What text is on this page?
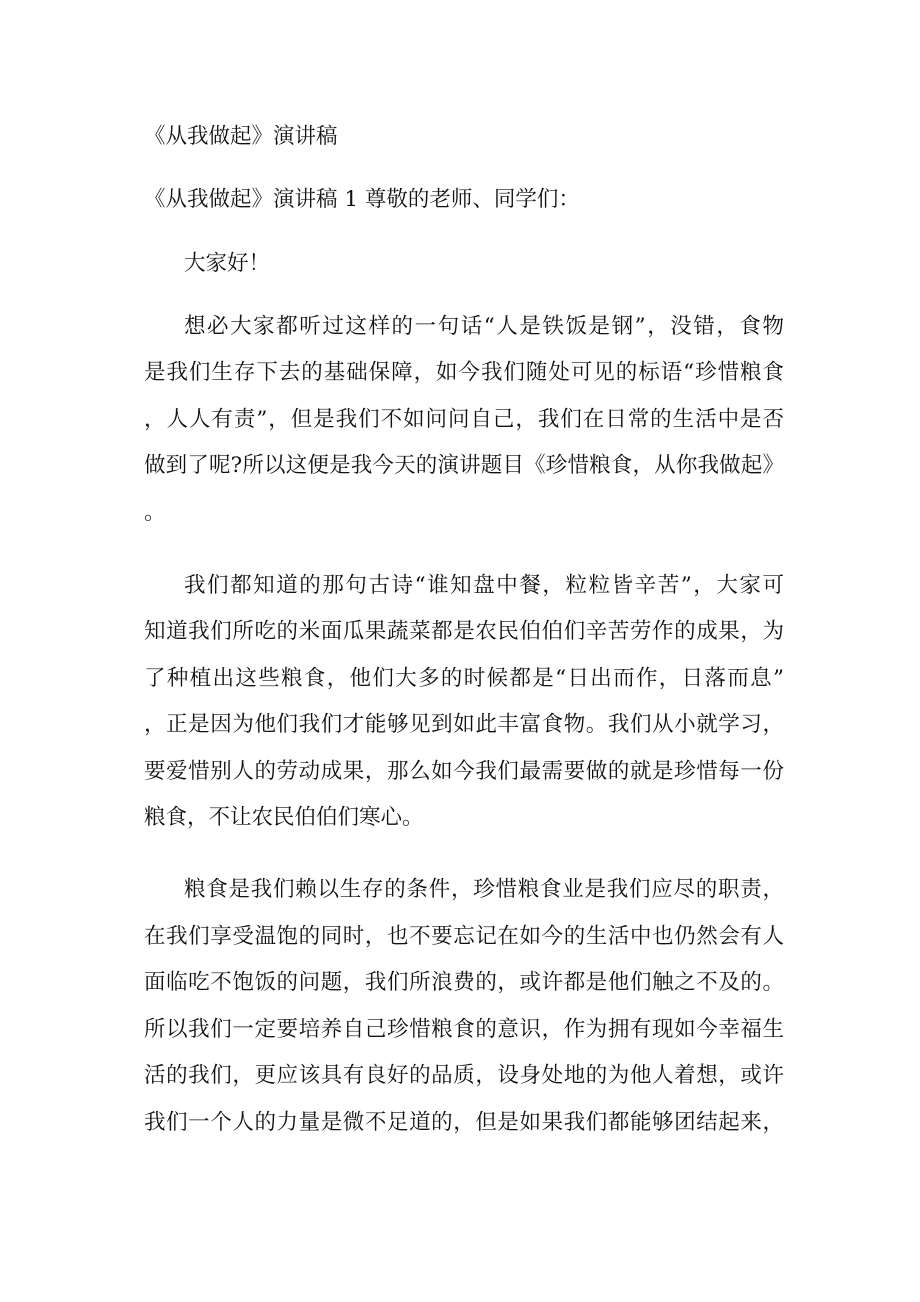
《从我做起》演讲稿

《从我做起》演讲稿 1 尊敬的老师、同学们：

大家好！

想必大家都听过这样的一句话“人是铁饭是钢”，没错，食物

是我们生存下去的基础保障，如今我们随处可见的标语“珍惜粮食

，人人有责”，但是我们不如问问自己，我们在日常的生活中是否

做到了呢?所以这便是我今天的演讲题目《珍惜粮食，从你我做起》

。

我们都知道的那句古诗“谁知盘中餐，粒粒皆辛苦”，大家可

知道我们所吃的米面瓜果蔬菜都是农民伯伯们辛苦劳作的成果，为

了种植出这些粮食，他们大多的时候都是“日出而作，日落而息”

，正是因为他们我们才能够见到如此丰富食物。我们从小就学习，

要爱惜别人的劳动成果，那么如今我们最需要做的就是珍惜每一份

粮食，不让农民伯伯们寒心。

粮食是我们赖以生存的条件，珍惜粮食业是我们应尽的职责，

在我们享受温饱的同时，也不要忘记在如今的生活中也仍然会有人

面临吃不饱饭的问题，我们所浪费的，或许都是他们触之不及的。

所以我们一定要培养自己珍惜粮食的意识，作为拥有现如今幸福生

活的我们，更应该具有良好的品质，设身处地的为他人着想，或许

我们一个人的力量是微不足道的，但是如果我们都能够团结起来，
